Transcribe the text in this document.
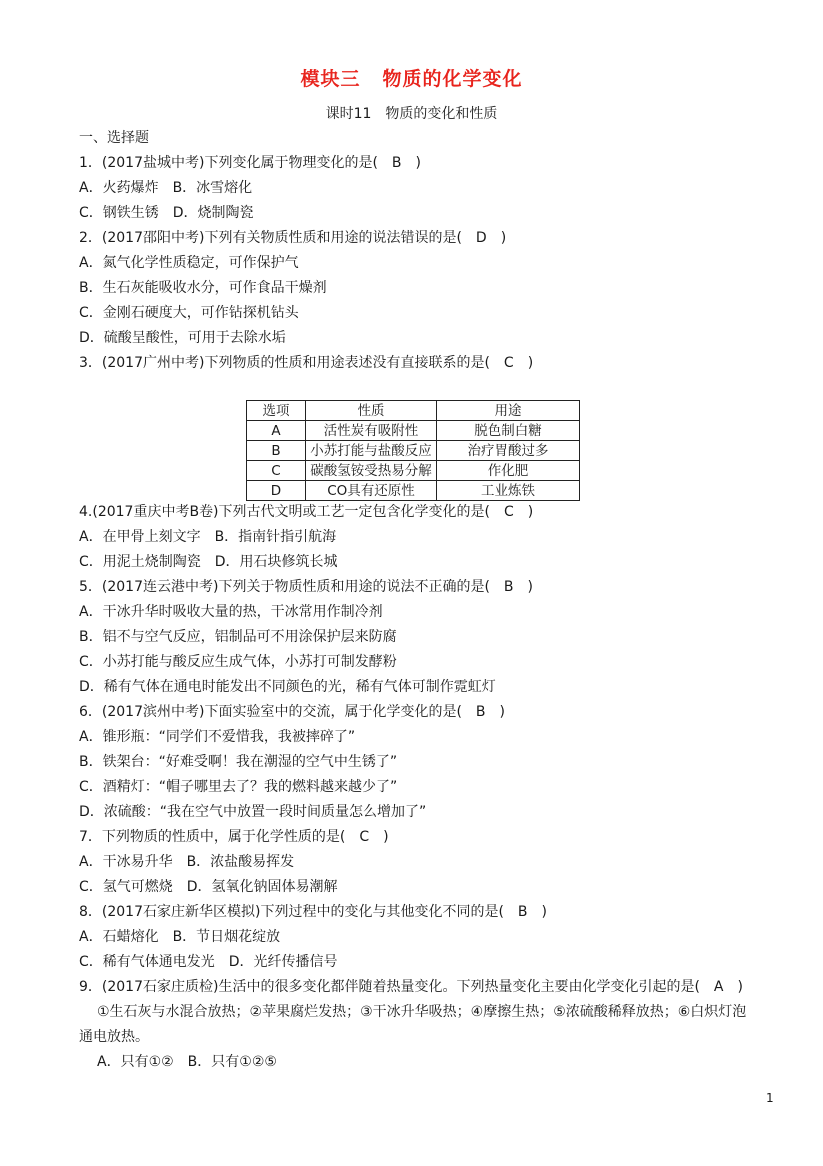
模块三 物质的化学变化
课时11　物质的变化和性质
一、选择题
1．(2017盐城中考)下列变化属于物理变化的是(　B　)
A．火药爆炸　B．冰雪熔化
C．钢铁生锈　D．烧制陶瓷
2．(2017邵阳中考)下列有关物质性质和用途的说法错误的是(　D　)
A．氮气化学性质稳定，可作保护气
B．生石灰能吸收水分，可作食品干燥剂
C．金刚石硬度大，可作钻探机钻头
D．硫酸呈酸性，可用于去除水垢
3．(2017广州中考)下列物质的性质和用途表述没有直接联系的是(　C　)
选项	性质	用途
A	活性炭有吸附性	脱色制白糖
B	小苏打能与盐酸反应	治疗胃酸过多
C	碳酸氢铵受热易分解	作化肥
D	CO具有还原性	工业炼铁
4.(2017重庆中考B卷)下列古代文明或工艺一定包含化学变化的是(　C　)
A．在甲骨上刻文字　B．指南针指引航海
C．用泥土烧制陶瓷　D．用石块修筑长城
5．(2017连云港中考)下列关于物质性质和用途的说法不正确的是(　B　)
A．干冰升华时吸收大量的热，干冰常用作制冷剂
B．铝不与空气反应，铝制品可不用涂保护层来防腐
C．小苏打能与酸反应生成气体，小苏打可制发酵粉
D．稀有气体在通电时能发出不同颜色的光，稀有气体可制作霓虹灯
6．(2017滨州中考)下面实验室中的交流，属于化学变化的是(　B　)
A．锥形瓶：“同学们不爱惜我，我被摔碎了”
B．铁架台：“好难受啊！我在潮湿的空气中生锈了”
C．酒精灯：“帽子哪里去了？我的燃料越来越少了”
D．浓硫酸：“我在空气中放置一段时间质量怎么增加了”
7．下列物质的性质中，属于化学性质的是(　C　)
A．干冰易升华　B．浓盐酸易挥发
C．氢气可燃烧　D．氢氧化钠固体易潮解
8．(2017石家庄新华区模拟)下列过程中的变化与其他变化不同的是(　B　)
A．石蜡熔化　B．节日烟花绽放
C．稀有气体通电发光　D．光纤传播信号
9．(2017石家庄质检)生活中的很多变化都伴随着热量变化。下列热量变化主要由化学变化引起的是(　A　)
①生石灰与水混合放热；②苹果腐烂发热；③干冰升华吸热；④摩擦生热；⑤浓硫酸稀释放热；⑥白炽灯泡
通电放热。
A．只有①②　B．只有①②⑤
1
